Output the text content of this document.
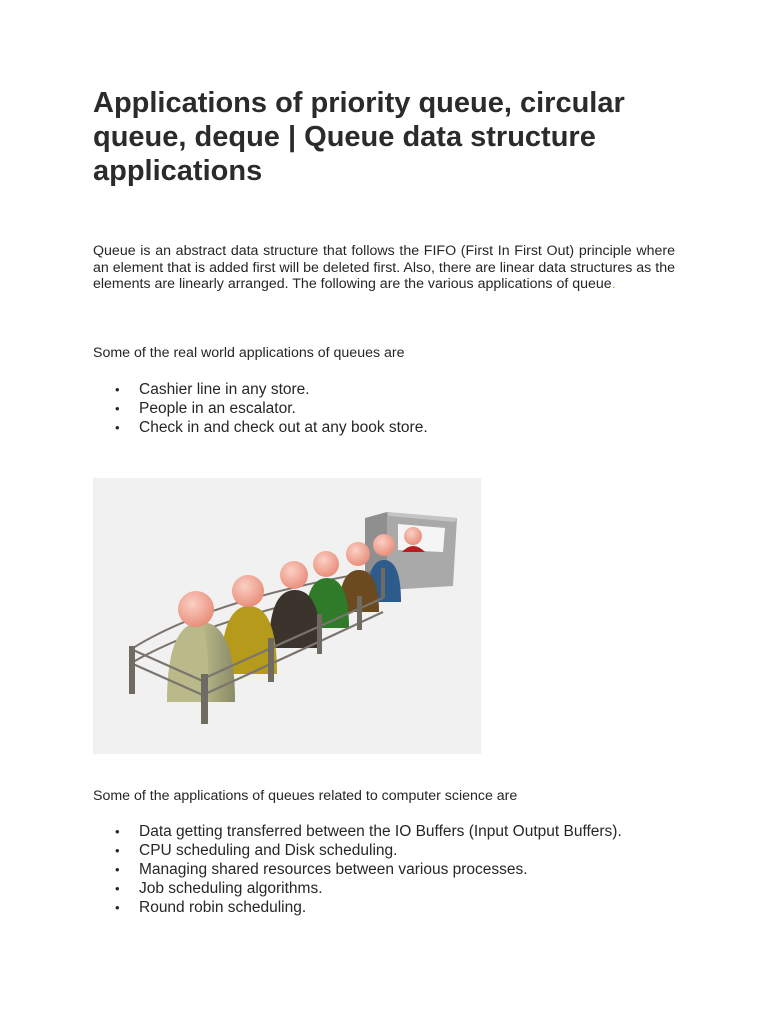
Applications of priority queue, circular queue, deque | Queue data structure applications

Queue is an abstract data structure that follows the FIFO (First In First Out) principle where an element that is added first will be deleted first. Also, there are linear data structures as the elements are linearly arranged. The following are the various applications of queue.

Some of the real world applications of queues are

• Cashier line in any store.
• People in an escalator.
• Check in and check out at any book store.

Some of the applications of queues related to computer science are

• Data getting transferred between the IO Buffers (Input Output Buffers).
• CPU scheduling and Disk scheduling.
• Managing shared resources between various processes.
• Job scheduling algorithms.
• Round robin scheduling.
